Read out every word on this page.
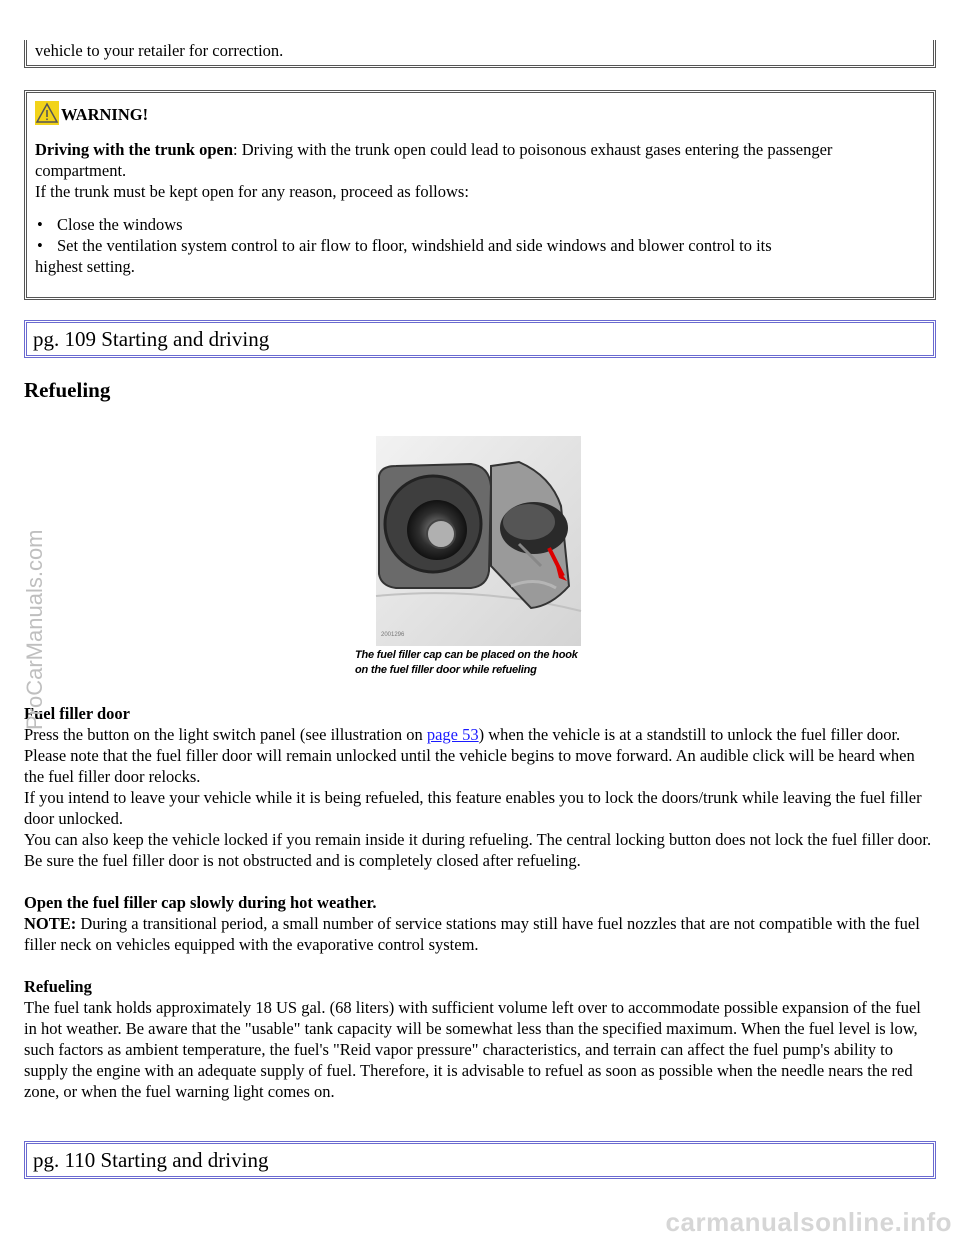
vehicle to your retailer for correction.
WARNING!

Driving with the trunk open: Driving with the trunk open could lead to poisonous exhaust gases entering the passenger compartment.

If the trunk must be kept open for any reason, proceed as follows:

• Close the windows
• Set the ventilation system control to air flow to floor, windshield and side windows and blower control to its
highest setting.
pg. 109 Starting and driving
Refueling
2001296
The fuel filler cap can be placed on the hook
on the fuel filler door while refueling

Fuel filler door

Press the button on the light switch panel (see illustration on page 53) when the vehicle is at a standstill to unlock the fuel filler door. Please note that the fuel filler door will remain unlocked until the vehicle begins to move forward. An audible click will be heard when the fuel filler door relocks.

If you intend to leave your vehicle while it is being refueled, this feature enables you to lock the doors/trunk while leaving the fuel filler door unlocked.

You can also keep the vehicle locked if you remain inside it during refueling. The central locking button does not lock the fuel filler door. Be sure the fuel filler door is not obstructed and is completely closed after refueling.

Open the fuel filler cap slowly during hot weather.

NOTE: During a transitional period, a small number of service stations may still have fuel nozzles that are not compatible with the fuel filler neck on vehicles equipped with the evaporative control system.

Refueling

The fuel tank holds approximately 18 US gal. (68 liters) with sufficient volume left over to accommodate possible expansion of the fuel in hot weather. Be aware that the "usable" tank capacity will be somewhat less than the specified maximum. When the fuel level is low, such factors as ambient temperature, the fuel's "Reid vapor pressure" characteristics, and terrain can affect the fuel pump's ability to supply the engine with an adequate supply of fuel. Therefore, it is advisable to refuel as soon as possible when the needle nears the red zone, or when the fuel warning light comes on.

pg. 110 Starting and driving
ProCarManuals.com
carmanualsonline.info
